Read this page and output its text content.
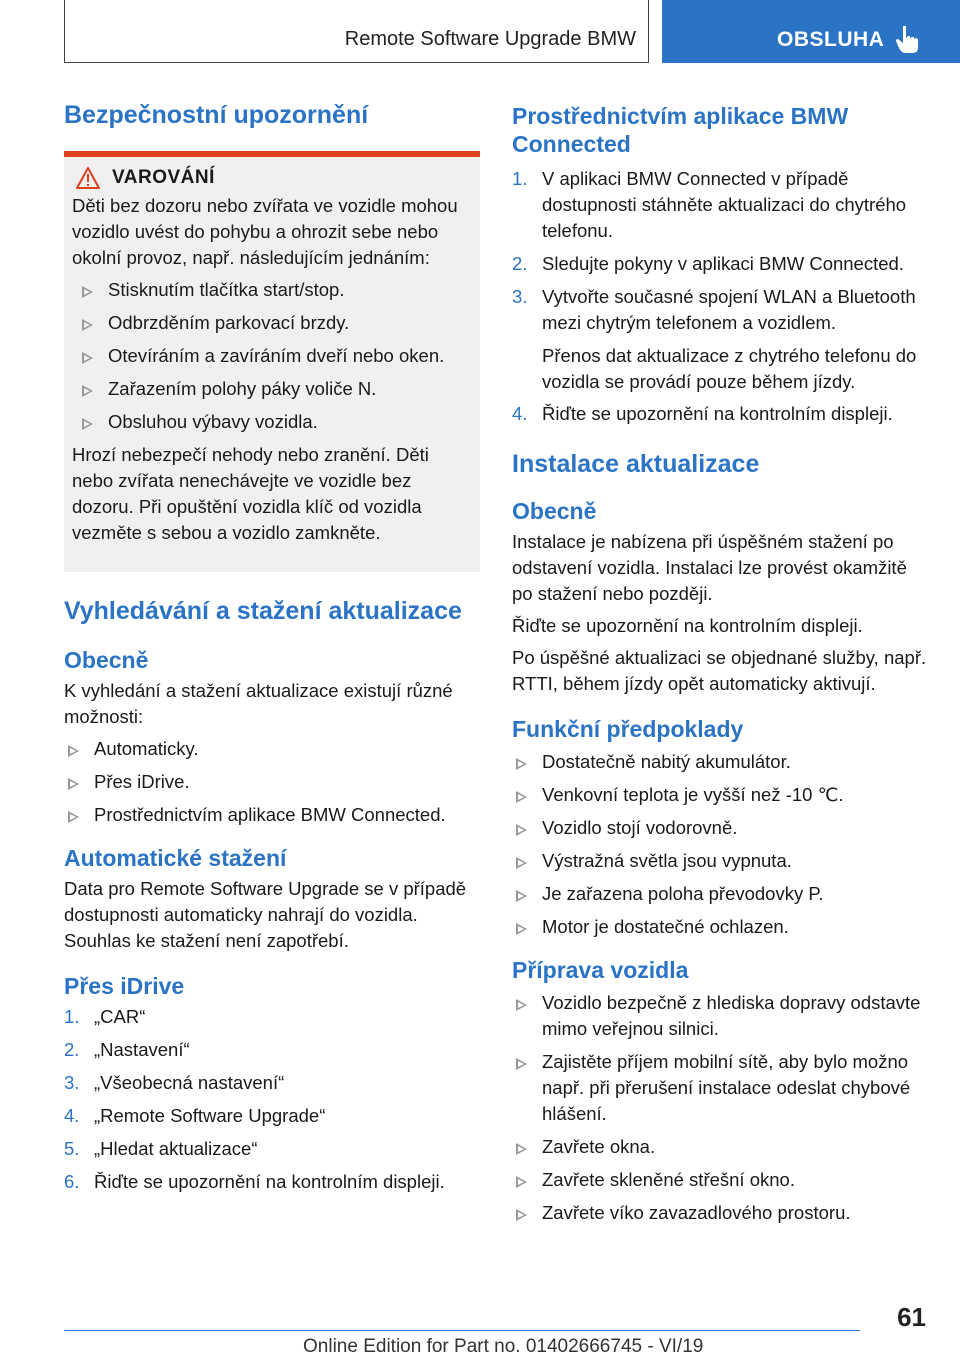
Remote Software Upgrade BMW	OBSLUHA
Bezpečnostní upozornění
VAROVÁNÍ

Děti bez dozoru nebo zvířata ve vozidle mohou vozidlo uvést do pohybu a ohrozit sebe nebo okolní provoz, např. následujícím jednáním:

Stisknutím tlačítka start/stop.
Odbrzděním parkovací brzdy.
Otevíráním a zavíráním dveří nebo oken.
Zařazením polohy páky voliče N.
Obsluhou výbavy vozidla.

Hrozí nebezpečí nehody nebo zranění. Děti nebo zvířata nenechávejte ve vozidle bez dozoru. Při opuštění vozidla klíč od vozidla vezměte s sebou a vozidlo zamkněte.

Vyhledávání a stažení aktualizace
Obecně

K vyhledání a stažení aktualizace existují různé možnosti:

Automaticky.
Přes iDrive.
Prostřednictvím aplikace BMW Connected.
Automatické stažení

Data pro Remote Software Upgrade se v případě dostupnosti automaticky nahrají do vozidla. Souhlas ke stažení není zapotřebí.

Přes iDrive
1. „CAR“
2. „Nastavení“
3. „Všeobecná nastavení“
4. „Remote Software Upgrade“
5. „Hledat aktualizace“
6. Řiďte se upozornění na kontrolním displeji.
Prostřednictvím aplikace BMW Connected
1. V aplikaci BMW Connected v případě dostupnosti stáhněte aktualizaci do chytrého telefonu.
2. Sledujte pokyny v aplikaci BMW Connected.
3. Vytvořte současné spojení WLAN a Bluetooth mezi chytrým telefonem a vozidlem.

Přenos dat aktualizace z chytrého telefonu do vozidla se provádí pouze během jízdy.

4. Řiďte se upozornění na kontrolním displeji.
Instalace aktualizace
Obecně

Instalace je nabízena při úspěšném stažení po odstavení vozidla. Instalaci lze provést okamžitě po stažení nebo později.

Řiďte se upozornění na kontrolním displeji.

Po úspěšné aktualizaci se objednané služby, např. RTTI, během jízdy opět automaticky aktivují.

Funkční předpoklady
Dostatečně nabitý akumulátor.
Venkovní teplota je vyšší než -10 ℃.
Vozidlo stojí vodorovně.
Výstražná světla jsou vypnuta.
Je zařazena poloha převodovky P.
Motor je dostatečné ochlazen.
Příprava vozidla
Vozidlo bezpečně z hlediska dopravy odstavte mimo veřejnou silnici.
Zajistěte příjem mobilní sítě, aby bylo možno např. při přerušení instalace odeslat chybové hlášení.
Zavřete okna.
Zavřete skleněné střešní okno.
Zavřete víko zavazadlového prostoru.
61
Online Edition for Part no. 01402666745 - VI/19
